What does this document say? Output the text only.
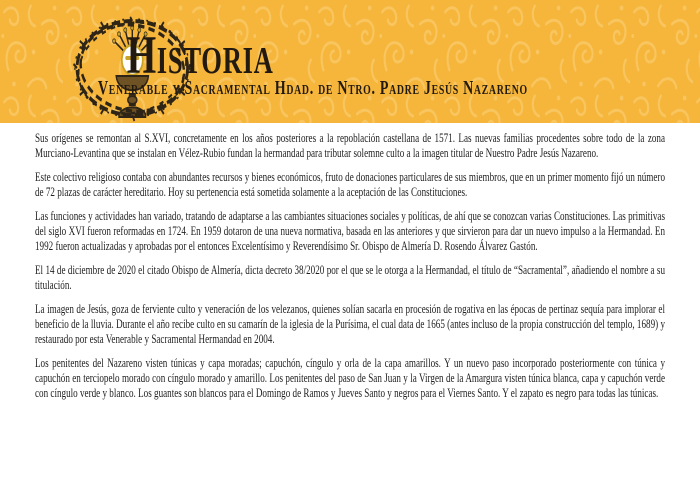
Historia
Venerable y Sacramental Hdad. de Ntro. Padre Jesús Nazareno

Sus orígenes se remontan al S.XVI, concretamente en los años posteriores a la repoblación castellana de 1571. Las nuevas familias procedentes sobre todo de la zona Murciano-Levantina que se instalan en Vélez-Rubio fundan la hermandad para tributar solemne culto a la imagen titular de Nuestro Padre Jesús Nazareno.

Este colectivo religioso contaba con abundantes recursos y bienes económicos, fruto de donaciones particulares de sus miembros, que en un primer momento fijó un número de 72 plazas de carácter hereditario. Hoy su pertenencia está sometida solamente a la aceptación de las Constituciones.

Las funciones y actividades han variado, tratando de adaptarse a las cambiantes situaciones sociales y políticas, de ahí que se conozcan varias Constituciones. Las primitivas del siglo XVI fueron reformadas en 1724. En 1959 dotaron de una nueva normativa, basada en las anteriores y que sirvieron para dar un nuevo impulso a la Hermandad. En 1992 fueron actualizadas y aprobadas por el entonces Excelentísimo y Reverendísimo Sr. Obispo de Almería D. Rosendo Álvarez Gastón.

El 14 de diciembre de 2020 el citado Obispo de Almería, dicta decreto 38/2020 por el que se le otorga a la Hermandad, el título de “Sacramental”, añadiendo el nombre a su titulación.

La imagen de Jesús, goza de ferviente culto y veneración de los velezanos, quienes solían sacarla en procesión de rogativa en las épocas de pertinaz sequía para implorar el beneficio de la lluvia. Durante el año recibe culto en su camarín de la iglesia de la Purísima, el cual data de 1665 (antes incluso de la propia construcción del templo, 1689) y restaurado por esta Venerable y Sacramental Hermandad en 2004.

Los penitentes del Nazareno visten túnicas y capa moradas; capuchón, cíngulo y orla de la capa amarillos. Y un nuevo paso incorporado posteriormente con túnica y capuchón en terciopelo morado con cíngulo morado y amarillo. Los penitentes del paso de San Juan y la Virgen de la Amargura visten túnica blanca, capa y capuchón verde con cíngulo verde y blanco. Los guantes son blancos para el Domingo de Ramos y Jueves Santo y negros para el Viernes Santo. Y el zapato es negro para todas las túnicas.
